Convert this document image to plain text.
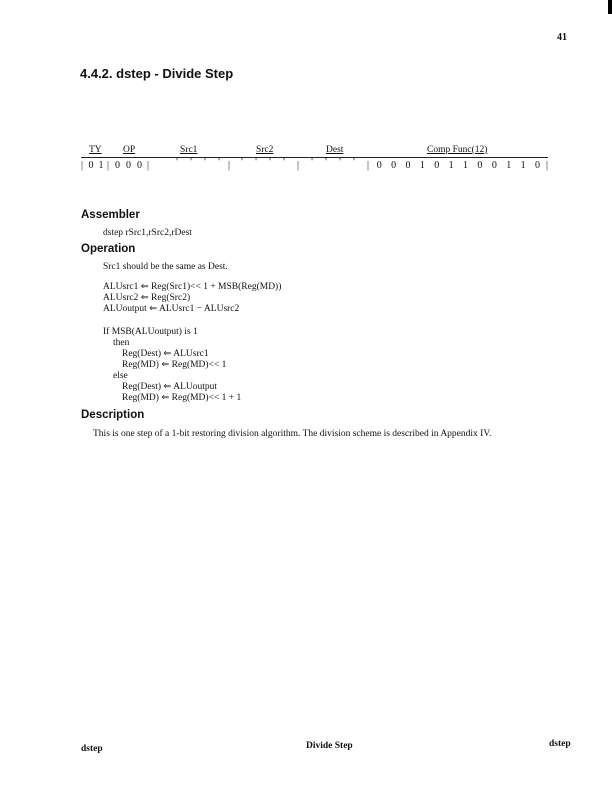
41
4.4.2. dstep - Divide Step
TY OP	Src1	Src2	Dest	Comp Func(12)
| 0 1 | 0 0 0 |	' ' ' ' |	' ' ' '	|	' ' ' '	| 0 0 0 1 0 1 1 0 0 1 1 0 |
Assembler
dstep rSrc1,rSrc2,rDest
Operation
Src1 should be the same as Dest.
ALUsrc1 ⇐ Reg(Src1)<< 1 + MSB(Reg(MD))
ALUsrc2 ⇐ Reg(Src2)
ALUoutput ⇐ ALUsrc1 − ALUsrc2
If MSB(ALUoutput) is 1
then
Reg(Dest) ⇐ ALUsrc1
Reg(MD) ⇐ Reg(MD)<< 1
else
Reg(Dest) ⇐ ALUoutput
Reg(MD) ⇐ Reg(MD)<< 1 + 1
Description
This is one step of a 1-bit restoring division algorithm. The division scheme is described in Appendix IV.
dstep	Divide Step	dstep
